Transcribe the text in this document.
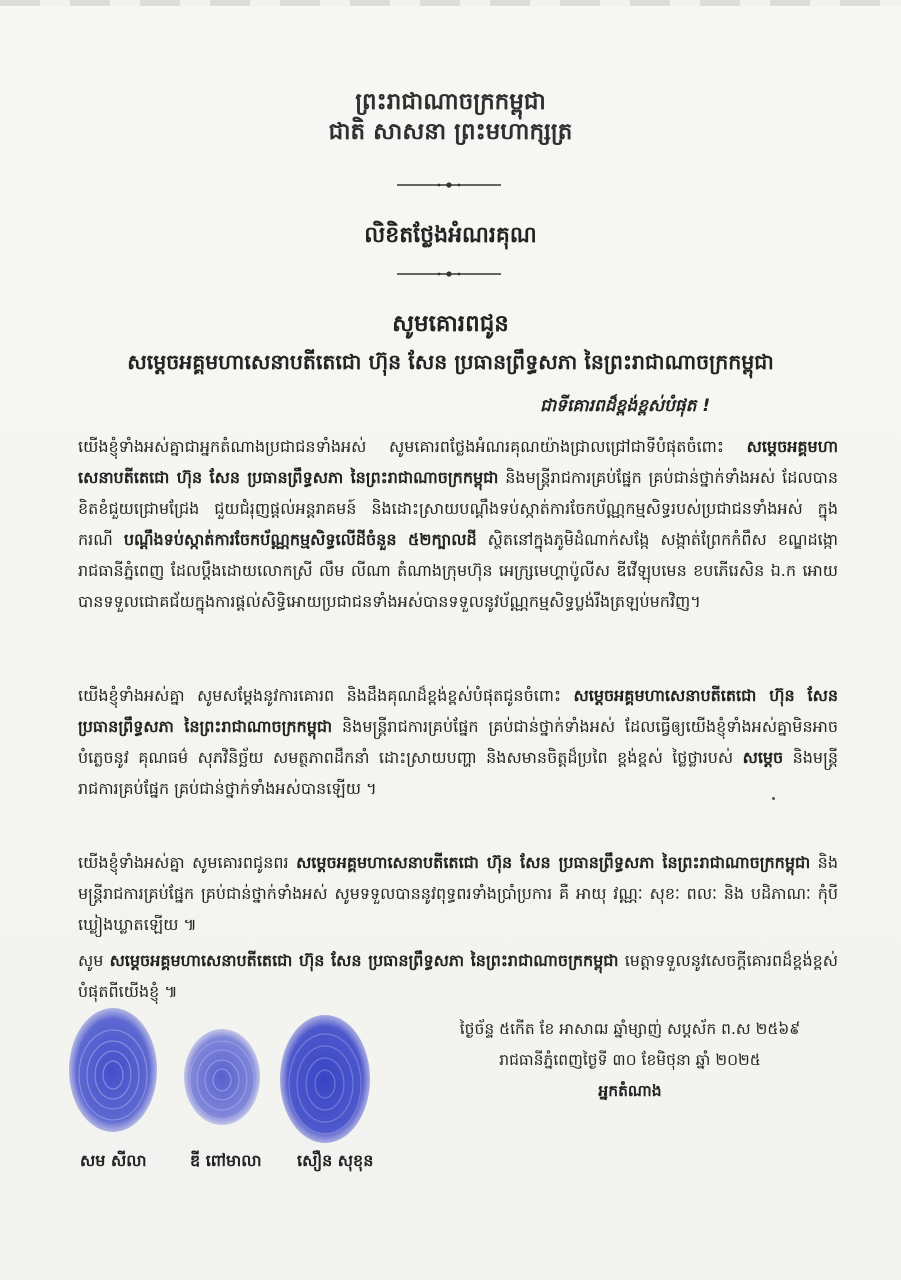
ព្រះរាជាណាចក្រកម្ពុជា
ជាតិ សាសនា ព្រះមហាក្សត្រ
លិខិតថ្លែងអំណរគុណ
សូមគោរពជូន
សម្ដេចអគ្គមហាសេនាបតីតេជោ ហ៊ុន សែន ប្រធានព្រឹទ្ធសភា នៃព្រះរាជាណាចក្រកម្ពុជា
ជាទីគោរពដ៏ខ្ពង់ខ្ពស់បំផុត !
យើងខ្ញុំទាំងអស់គ្នាជាអ្នកតំណាងប្រជាជនទាំងអស់ សូមគោរពថ្លែងអំណរគុណយ៉ាងជ្រាលជ្រៅជាទីបំផុតចំពោះ សម្ដេចអគ្គមហាសេនាបតីតេជោ ហ៊ុន សែន ប្រធានព្រឹទ្ធសភា នៃព្រះរាជាណាចក្រកម្ពុជា និងមន្ត្រីរាជការគ្រប់ផ្នែក គ្រប់ជាន់ថ្នាក់ទាំងអស់ ដែលបានខិតខំជួយជ្រោមជ្រែង ជួយជំរុញផ្ដល់អន្តរាគមន៍ និងដោះស្រាយបណ្ដឹងទប់ស្កាត់ការចែកប័ណ្ណកម្មសិទ្ធរបស់ប្រជាជនទាំងអស់ ក្នុងករណី បណ្ដឹងទប់ស្កាត់ការចែកប័ណ្ណកម្មសិទ្ធលើដីចំនួន ៥២ក្បាលដី ស្ថិតនៅក្នុងភូមិដំណាក់សង្កែ សង្កាត់ព្រែកកំពឹស ខណ្ឌដង្កោ រាជធានីភ្នំពេញ ដែលប្ដឹងដោយលោកស្រី លឹម លីណា តំណាងក្រុមហ៊ុន អេក្ស្រមេហ្គាប៉ូលីស ឌីវើឡុបមេន ខបភើរេសិន ឯ.ក អោយបានទទួលជោគជ័យក្នុងការផ្ដល់សិទ្ធិអោយប្រជាជនទាំងអស់បានទទួលនូវប័ណ្ណកម្មសិទ្ធប្លង់រឹងត្រឡប់មកវិញ។
យើងខ្ញុំទាំងអស់គ្នា សូមសម្ដែងនូវការគោរព និងដឹងគុណដ៏ខ្ពង់ខ្ពស់បំផុតជូនចំពោះ សម្ដេចអគ្គមហាសេនាបតីតេជោ ហ៊ុន សែន ប្រធានព្រឹទ្ធសភា នៃព្រះរាជាណាចក្រកម្ពុជា និងមន្ត្រីរាជការគ្រប់ផ្នែក គ្រប់ជាន់ថ្នាក់ទាំងអស់ ដែលធ្វើឲ្យយើងខ្ញុំទាំងអស់គ្នាមិនអាចបំភ្លេចនូវ គុណធម៌ សុភវិនិច្ឆ័យ សមត្ថភាពដឹកនាំ ដោះស្រាយបញ្ហា និងសមានចិត្តដ៏ប្រពៃ ខ្ពង់ខ្ពស់ ថ្លៃថ្លារបស់ សម្ដេច និងមន្ត្រីរាជការគ្រប់ផ្នែក គ្រប់ជាន់ថ្នាក់ទាំងអស់បានឡើយ ។
យើងខ្ញុំទាំងអស់គ្នា សូមគោរពជូនពរ សម្ដេចអគ្គមហាសេនាបតីតេជោ ហ៊ុន សែន ប្រធានព្រឹទ្ធសភា នៃព្រះរាជាណាចក្រកម្ពុជា និងមន្ត្រីរាជការគ្រប់ផ្នែក គ្រប់ជាន់ថ្នាក់ទាំងអស់ សូមទទួលបាននូវពុទ្ធពរទាំងប្រាំប្រការ គឺ អាយុ វណ្ណៈ សុខៈ ពលៈ និង បដិភាណៈ កុំបីឃ្លៀងឃ្លាតឡើយ ៕
សូម សម្ដេចអគ្គមហាសេនាបតីតេជោ ហ៊ុន សែន ប្រធានព្រឹទ្ធសភា នៃព្រះរាជាណាចក្រកម្ពុជា មេត្តាទទួលនូវសេចក្ដីគោរពដ៏ខ្ពង់ខ្ពស់បំផុតពីយើងខ្ញុំ ៕
ថ្ងៃច័ន្ទ ៥កើត ខែ អាសាឍ ឆ្នាំម្សាញ់ សប្ដស័ក ព.ស ២៥៦៩
រាជធានីភ្នំពេញថ្ងៃទី ៣០ ខែមិថុនា ឆ្នាំ ២០២៥
អ្នកតំណាង
សម សីលា	ឌី ពៅមាលា សឿន សុខុន
